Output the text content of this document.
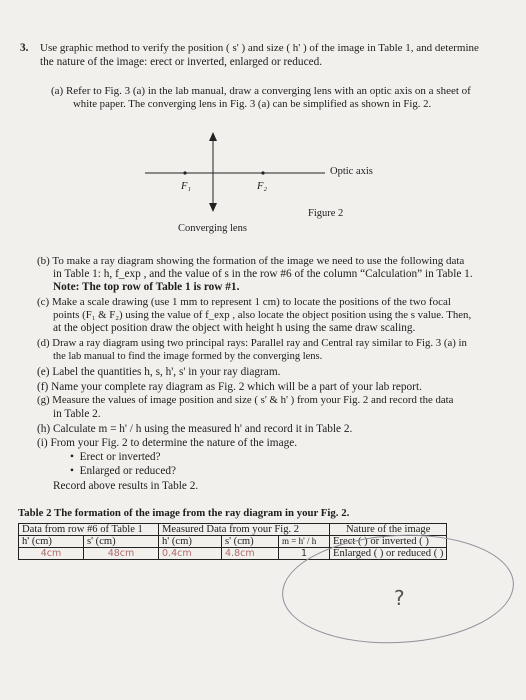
3. Use graphic method to verify the position ( s' ) and size ( h' ) of the image in Table 1, and determine
the nature of the image: erect or inverted, enlarged or reduced.
(a) Refer to Fig. 3 (a) in the lab manual, draw a converging lens with an optic axis on a sheet of
white paper. The converging lens in Fig. 3 (a) can be simplified as shown in Fig. 2.
Optic axis
F₁	F₂
Figure 2
Converging lens
(b) To make a ray diagram showing the formation of the image we need to use the following data
in Table 1: h, f_exp , and the value of s in the row #6 of the column “Calculation” in Table 1.
Note: The top row of Table 1 is row #1.
(c) Make a scale drawing (use 1 mm to represent 1 cm) to locate the positions of the two focal
points (F₁ & F₂) using the value of f_exp , also locate the object position using the s value. Then,
at the object position draw the object with height h using the same draw scaling.
(d) Draw a ray diagram using two principal rays: Parallel ray and Central ray similar to Fig. 3 (a) in
the lab manual to find the image formed by the converging lens.
(e) Label the quantities h, s, h', s' in your ray diagram.
(f) Name your complete ray diagram as Fig. 2 which will be a part of your lab report.
(g) Measure the values of image position and size ( s' & h' ) from your Fig. 2 and record the data
in Table 2.
(h) Calculate m = h' / h using the measured h' and record it in Table 2.
(i) From your Fig. 2 to determine the nature of the image.
•  Erect or inverted?
•  Enlarged or reduced?
Record above results in Table 2.
Table 2 The formation of the image from the ray diagram in your Fig. 2.
Data from row #6 of Table 1		Measured Data from your Fig. 2			Nature of the image
h' (cm)	s' (cm)	h' (cm)	s' (cm)	m = h' / h	Erect ( ) or inverted ( )
4cm	48cm	0.4cm	4.8cm	1	Enlarged ( ) or reduced ( )
?
